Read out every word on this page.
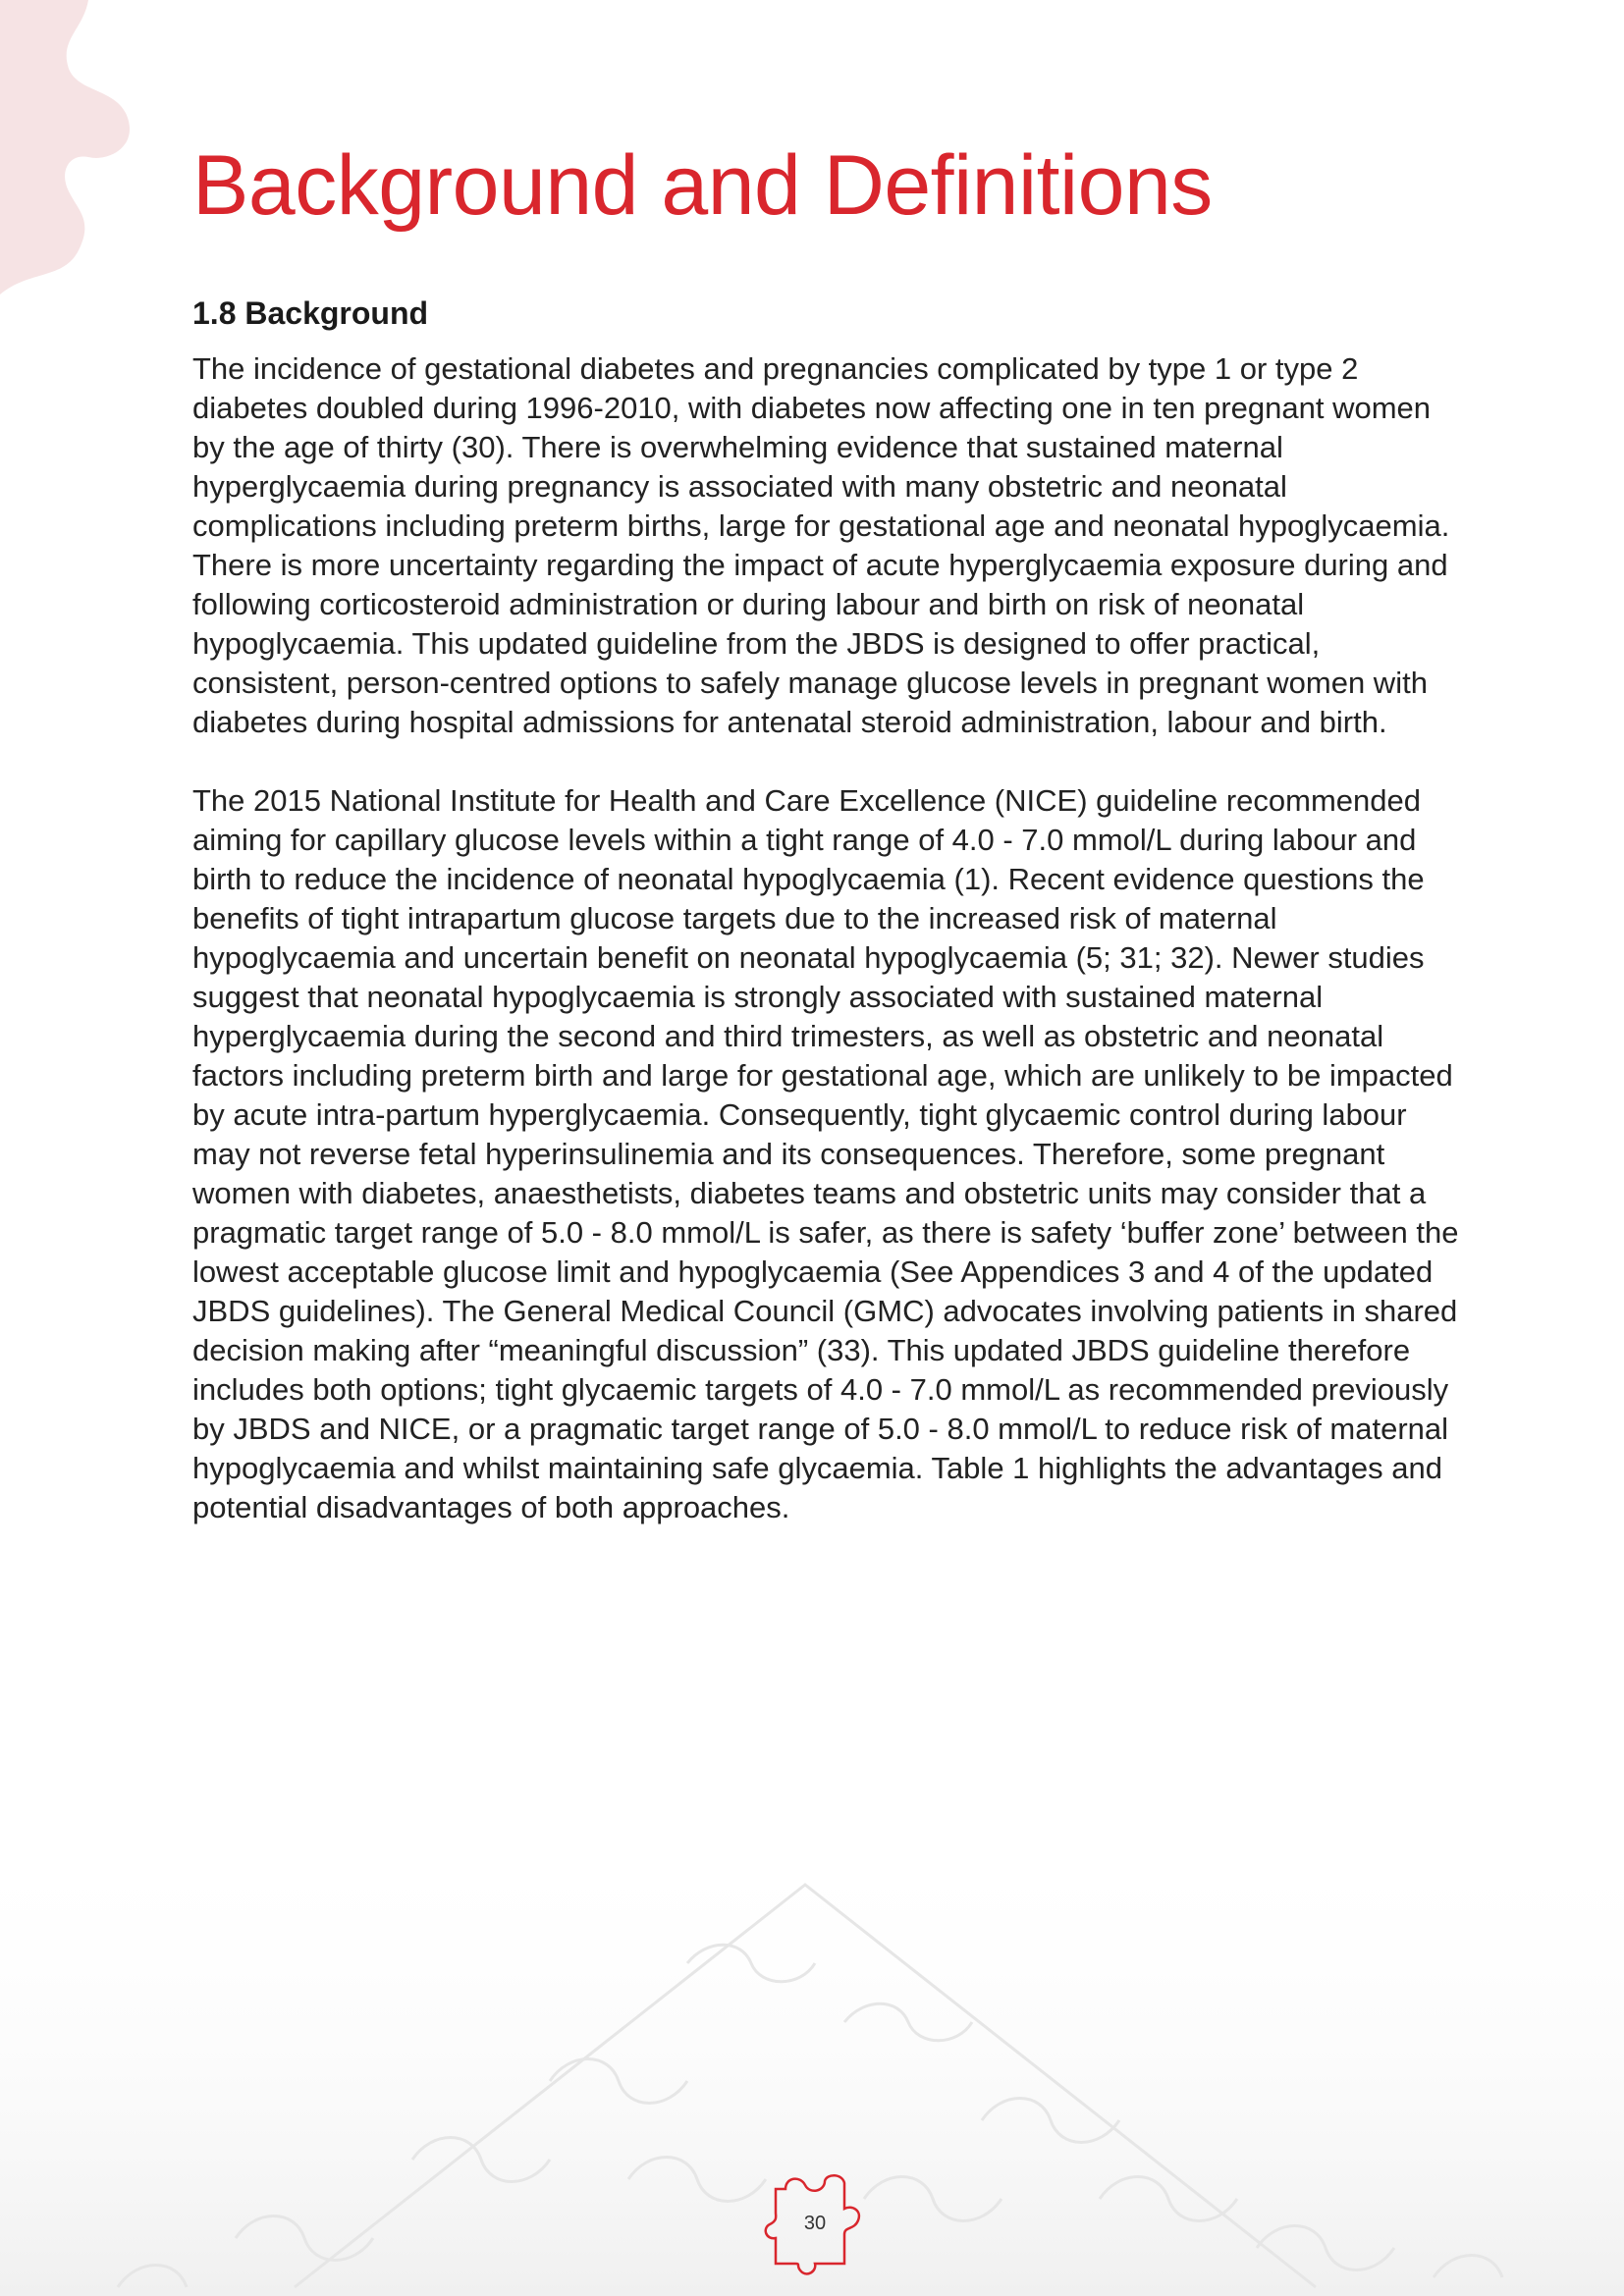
Background and Definitions
1.8 Background

The incidence of gestational diabetes and pregnancies complicated by type 1 or type 2 diabetes doubled during 1996-2010, with diabetes now affecting one in ten pregnant women by the age of thirty (30). There is overwhelming evidence that sustained maternal hyperglycaemia during pregnancy is associated with many obstetric and neonatal complications including preterm births, large for gestational age and neonatal hypoglycaemia. There is more uncertainty regarding the impact of acute hyperglycaemia exposure during and following corticosteroid administration or during labour and birth on risk of neonatal hypoglycaemia. This updated guideline from the JBDS is designed to offer practical, consistent, person-centred options to safely manage glucose levels in pregnant women with diabetes during hospital admissions for antenatal steroid administration, labour and birth.

The 2015 National Institute for Health and Care Excellence (NICE) guideline recommended aiming for capillary glucose levels within a tight range of 4.0 - 7.0 mmol/L during labour and birth to reduce the incidence of neonatal hypoglycaemia (1). Recent evidence questions the benefits of tight intrapartum glucose targets due to the increased risk of maternal hypoglycaemia and uncertain benefit on neonatal hypoglycaemia (5; 31; 32). Newer studies suggest that neonatal hypoglycaemia is strongly associated with sustained maternal hyperglycaemia during the second and third trimesters, as well as obstetric and neonatal factors including preterm birth and large for gestational age, which are unlikely to be impacted by acute intra-partum hyperglycaemia. Consequently, tight glycaemic control during labour may not reverse fetal hyperinsulinemia and its consequences. Therefore, some pregnant women with diabetes, anaesthetists, diabetes teams and obstetric units may consider that a pragmatic target range of 5.0 - 8.0 mmol/L is safer, as there is safety ‘buffer zone’ between the lowest acceptable glucose limit and hypoglycaemia (See Appendices 3 and 4 of the updated JBDS guidelines). The General Medical Council (GMC) advocates involving patients in shared decision making after “meaningful discussion” (33). This updated JBDS guideline therefore includes both options; tight glycaemic targets of 4.0 - 7.0 mmol/L as recommended previously by JBDS and NICE, or a pragmatic target range of 5.0 - 8.0 mmol/L to reduce risk of maternal hypoglycaemia and whilst maintaining safe glycaemia. Table 1 highlights the advantages and potential disadvantages of both approaches.

30
